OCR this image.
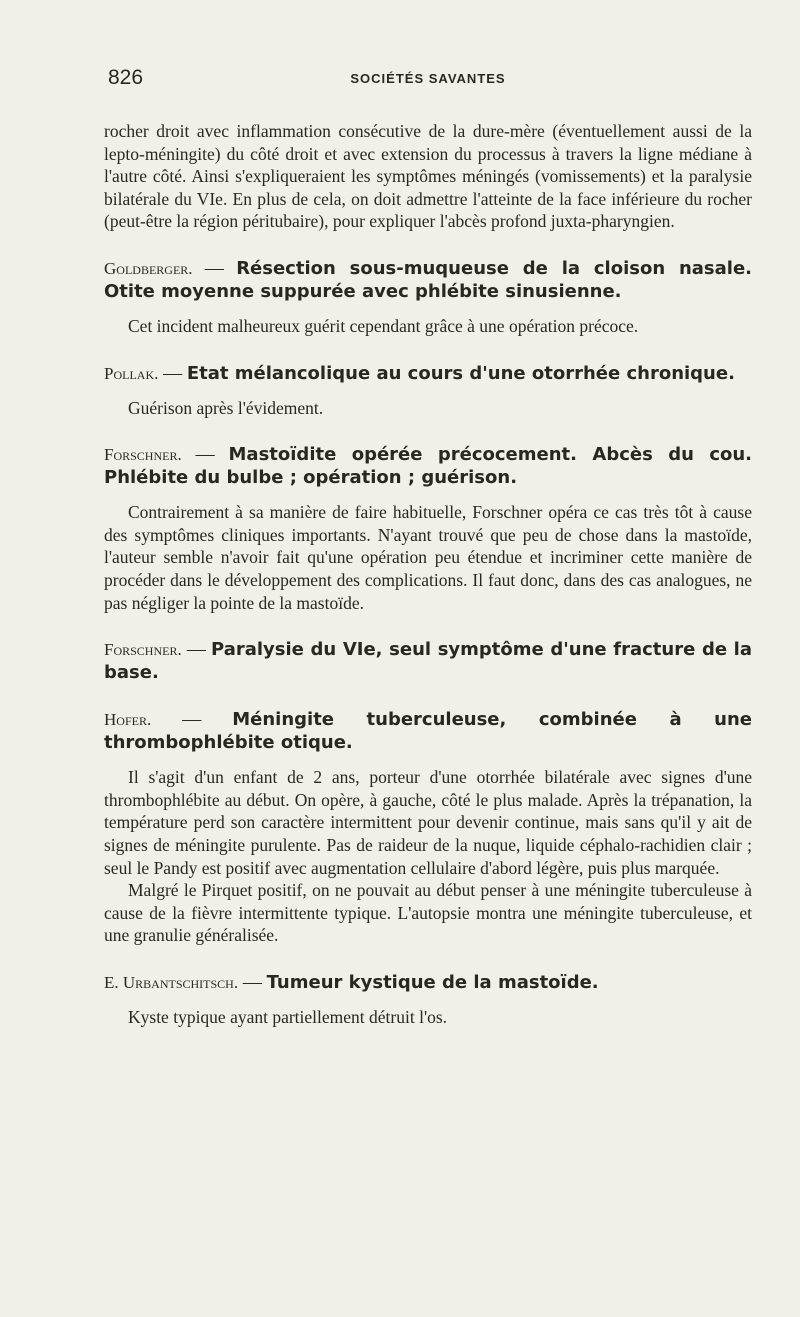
826	SOCIÉTÉS SAVANTES

rocher droit avec inflammation consécutive de la dure-mère (éventuellement aussi de la lepto-méningite) du côté droit et avec extension du processus à travers la ligne médiane à l'autre côté. Ainsi s'expliqueraient les symptômes méningés (vomissements) et la paralysie bilatérale du VIe. En plus de cela, on doit admettre l'atteinte de la face inférieure du rocher (peut-être la région péritubaire), pour expliquer l'abcès profond juxta-pharyngien.

Goldberger. — Résection sous-muqueuse de la cloison nasale. Otite moyenne suppurée avec phlébite sinusienne.

Cet incident malheureux guérit cependant grâce à une opération précoce.

Pollak. — Etat mélancolique au cours d'une otorrhée chronique.

Guérison après l'évidement.

Forschner. — Mastoïdite opérée précocement. Abcès du cou. Phlébite du bulbe ; opération ; guérison.

Contrairement à sa manière de faire habituelle, Forschner opéra ce cas très tôt à cause des symptômes cliniques importants. N'ayant trouvé que peu de chose dans la mastoïde, l'auteur semble n'avoir fait qu'une opération peu étendue et incriminer cette manière de procéder dans le développement des complications. Il faut donc, dans des cas analogues, ne pas négliger la pointe de la mastoïde.

Forschner. — Paralysie du VIe, seul symptôme d'une fracture de la base.
Hofer. — Méningite tuberculeuse, combinée à une thrombophlébite otique.

Il s'agit d'un enfant de 2 ans, porteur d'une otorrhée bilatérale avec signes d'une thrombophlébite au début. On opère, à gauche, côté le plus malade. Après la trépanation, la température perd son caractère intermittent pour devenir continue, mais sans qu'il y ait de signes de méningite purulente. Pas de raideur de la nuque, liquide céphalo-rachidien clair ; seul le Pandy est positif avec augmentation cellulaire d'abord légère, puis plus marquée.

Malgré le Pirquet positif, on ne pouvait au début penser à une méningite tuberculeuse à cause de la fièvre intermittente typique. L'autopsie montra une méningite tuberculeuse, et une granulie généralisée.

E. Urbantschitsch. — Tumeur kystique de la mastoïde.

Kyste typique ayant partiellement détruit l'os.
